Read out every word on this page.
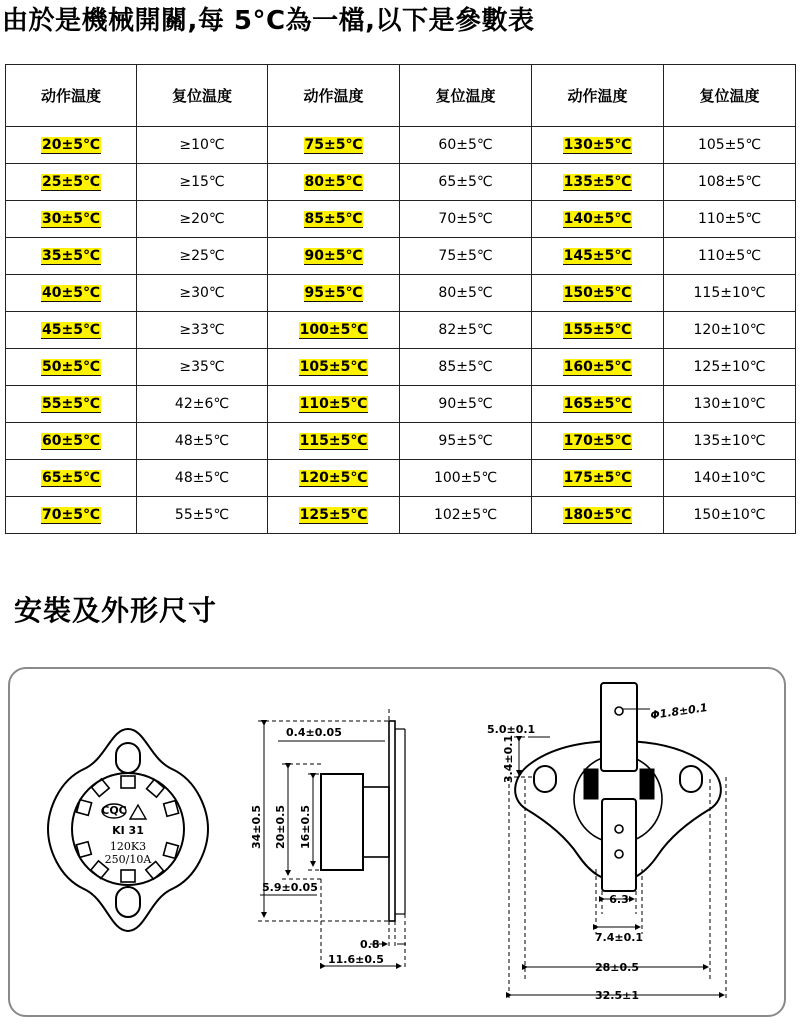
由於是機械開關,每 5°C為一檔,以下是參數表
动作温度	复位温度	动作温度	复位温度	动作温度	复位温度
20±5℃	≥10℃	75±5℃	60±5℃	130±5℃	105±5℃
25±5℃	≥15℃	80±5℃	65±5℃	135±5℃	108±5℃
30±5℃	≥20℃	85±5℃	70±5℃	140±5℃	110±5℃
35±5℃	≥25℃	90±5℃	75±5℃	145±5℃	110±5℃
40±5℃	≥30℃	95±5℃	80±5℃	150±5℃	115±10℃
45±5℃	≥33℃	100±5℃	82±5℃	155±5℃	120±10℃
50±5℃	≥35℃	105±5℃	85±5℃	160±5℃	125±10℃
55±5℃	42±6℃	110±5℃	90±5℃	165±5℃	130±10℃
60±5℃	48±5℃	115±5℃	95±5℃	170±5℃	135±10℃
65±5℃	48±5℃	120±5℃	100±5℃	175±5℃	140±10℃
70±5℃	55±5℃	125±5℃	102±5℃	180±5℃	150±10℃
安裝及外形尺寸
CQC
KI 31
120K3
250/10A
0.4±0.05
34±0.5 20±0.5 16±0.5
5.9±0.05
0.8
11.6±0.5
5.0±0.1
Φ1.8±0.1
3.4±0.1
6.3
7.4±0.1
28±0.5
32.5±1
